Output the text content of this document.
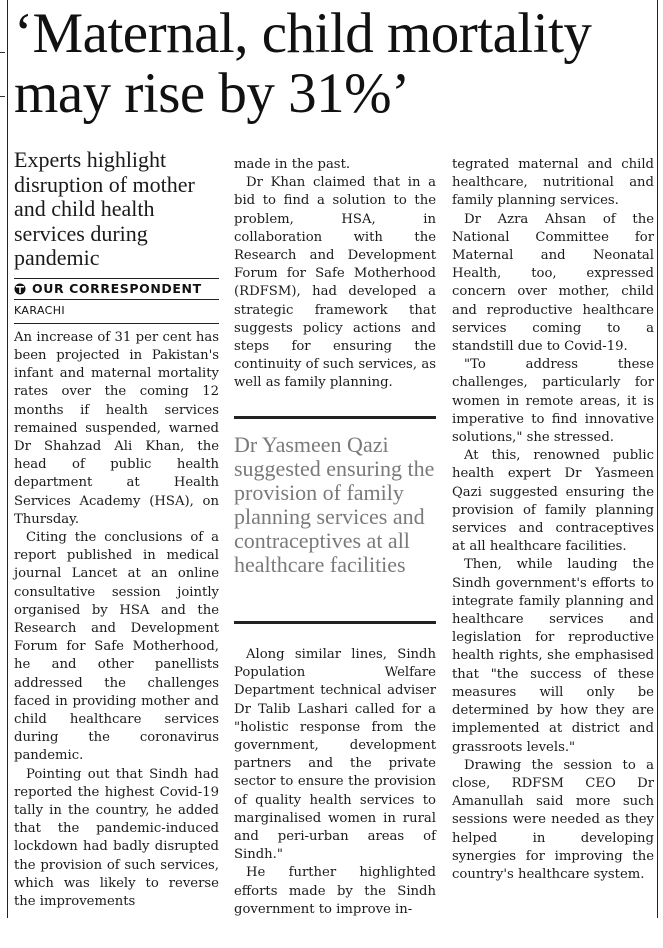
‘Maternal, child mortality may rise by 31%’
Experts highlight disruption of mother and child health services during pandemic
OUR CORRESPONDENT
KARACHI

An increase of 31 per cent has been projected in Pakistan's infant and maternal mortality rates over the coming 12 months if health services remained suspended, warned Dr Shahzad Ali Khan, the head of public health department at Health Services Academy (HSA), on Thursday.

Citing the conclusions of a report published in medical journal Lancet at an online consultative session jointly organised by HSA and the Research and Development Forum for Safe Motherhood, he and other panellists addressed the challenges faced in providing mother and child healthcare services during the coronavirus pandemic.

Pointing out that Sindh had reported the highest Covid-19 tally in the country, he added that the pandemic-induced lockdown had badly disrupted the provision of such services, which was likely to reverse the improvements

made in the past.

Dr Khan claimed that in a bid to find a solution to the problem, HSA, in collaboration with the Research and Development Forum for Safe Motherhood (RDFSM), had developed a strategic framework that suggests policy actions and steps for ensuring the continuity of such services, as well as family planning.

Dr Yasmeen Qazi suggested ensuring the provision of family planning services and contraceptives at all healthcare facilities

Along similar lines, Sindh Population Welfare Department technical adviser Dr Talib Lashari called for a "holistic response from the government, development partners and the private sector to ensure the provision of quality health services to marginalised women in rural and peri-urban areas of Sindh."

He further highlighted efforts made by the Sindh government to improve in-

tegrated maternal and child healthcare, nutritional and family planning services.

Dr Azra Ahsan of the National Committee for Maternal and Neonatal Health, too, expressed concern over mother, child and reproductive healthcare services coming to a standstill due to Covid-19.

"To address these challenges, particularly for women in remote areas, it is imperative to find innovative solutions," she stressed.

At this, renowned public health expert Dr Yasmeen Qazi suggested ensuring the provision of family planning services and contraceptives at all healthcare facilities.

Then, while lauding the Sindh government's efforts to integrate family planning and healthcare services and legislation for reproductive health rights, she emphasised that "the success of these measures will only be determined by how they are implemented at district and grassroots levels."

Drawing the session to a close, RDFSM CEO Dr Amanullah said more such sessions were needed as they helped in developing synergies for improving the country's healthcare system.
